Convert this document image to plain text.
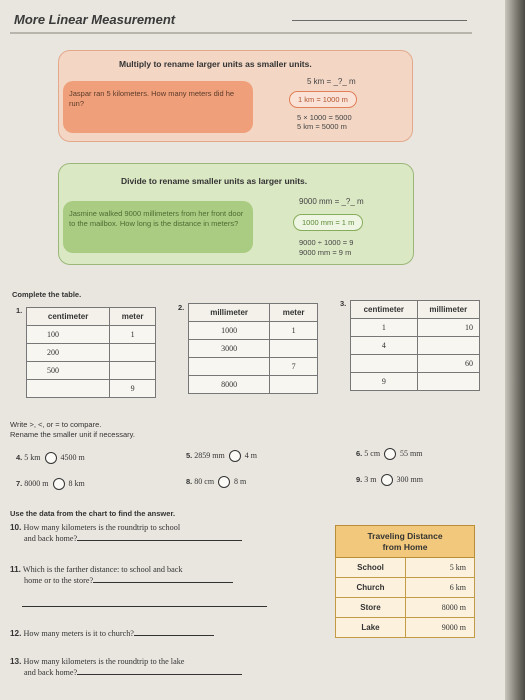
More Linear Measurement
Multiply to rename larger units as smaller units.
Jaspar ran 5 kilometers. How many meters did he run?
5 km = _?_ m
1 km = 1000 m
5 × 1000 = 5000
5 km = 5000 m
Divide to rename smaller units as larger units.
Jasmine walked 9000 millimeters from her front door to the mailbox. How long is the distance in meters?
9000 mm = _?_ m
1000 mm = 1 m
9000 ÷ 1000 = 9
9000 mm = 9 m
Complete the table.
1.
centimeter	meter
100	1
200	
500	
	9
2.
millimeter	meter
1000	1
3000	
	7
8000	
3.
centimeter	millimeter
1	10
4	
	60
9	
Write >, <, or = to compare.
Rename the smaller unit if necessary.
4. 5 km	4500 m	5. 2859 mm	4 m	6. 5 cm	55 mm
7. 8000 m	8 km	8. 80 cm	8 m	9. 3 m	300 mm
Use the data from the chart to find the answer.
10. How many kilometers is the roundtrip to school
and back home?
11. Which is the farther distance: to school and back
home or to the store?
12. How many meters is it to church?
13. How many kilometers is the roundtrip to the lake
and back home?
Traveling Distance
from Home	

School	5 km
Church	6 km
Store	8000 m
Lake	9000 m
